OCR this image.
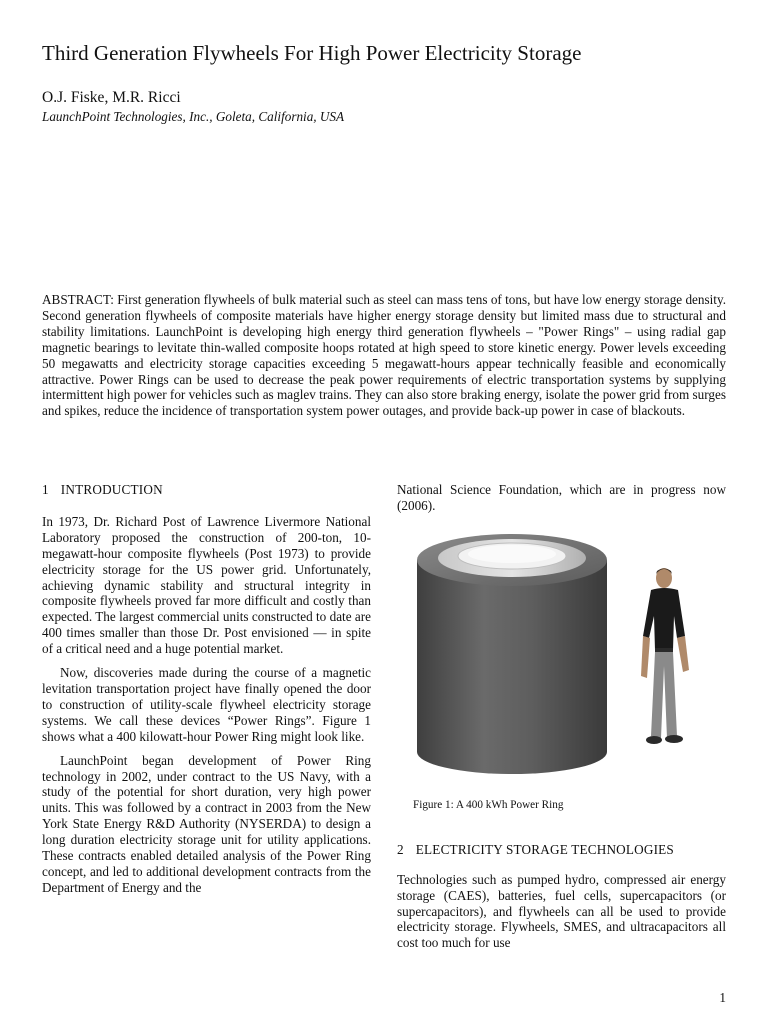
Third Generation Flywheels For High Power Electricity Storage
O.J. Fiske, M.R. Ricci
LaunchPoint Technologies, Inc., Goleta, California, USA

ABSTRACT: First generation flywheels of bulk material such as steel can mass tens of tons, but have low energy storage density. Second generation flywheels of composite materials have higher energy storage density but limited mass due to structural and stability limitations. LaunchPoint is developing high energy third generation flywheels – "Power Rings" – using radial gap magnetic bearings to levitate thin-walled composite hoops rotated at high speed to store kinetic energy. Power levels exceeding 50 megawatts and electricity storage capacities exceeding 5 megawatt-hours appear technically feasible and economically attractive. Power Rings can be used to decrease the peak power requirements of electric transportation systems by supplying intermittent high power for vehicles such as maglev trains. They can also store braking energy, isolate the power grid from surges and spikes, reduce the incidence of transportation system power outages, and provide back-up power in case of blackouts.

1 INTRODUCTION

In 1973, Dr. Richard Post of Lawrence Livermore National Laboratory proposed the construction of 200-ton, 10-megawatt-hour composite flywheels (Post 1973) to provide electricity storage for the US power grid. Unfortunately, achieving dynamic stability and structural integrity in composite flywheels proved far more difficult and costly than expected. The largest commercial units constructed to date are 400 times smaller than those Dr. Post envisioned — in spite of a critical need and a huge potential market.

Now, discoveries made during the course of a magnetic levitation transportation project have finally opened the door to construction of utility-scale flywheel electricity storage systems. We call these devices “Power Rings”. Figure 1 shows what a 400 kilowatt-hour Power Ring might look like.

LaunchPoint began development of Power Ring technology in 2002, under contract to the US Navy, with a study of the potential for short duration, very high power units. This was followed by a contract in 2003 from the New York State Energy R&D Authority (NYSERDA) to design a long duration electricity storage unit for utility applications. These contracts enabled detailed analysis of the Power Ring concept, and led to additional development contracts from the Department of Energy and the

National Science Foundation, which are in progress now (2006).

Figure 1: A 400 kWh Power Ring
2 ELECTRICITY STORAGE TECHNOLOGIES

Technologies such as pumped hydro, compressed air energy storage (CAES), batteries, fuel cells, supercapacitors (or supercapacitors), and flywheels can all be used to provide electricity storage. Flywheels, SMES, and ultracapacitors all cost too much for use

1
